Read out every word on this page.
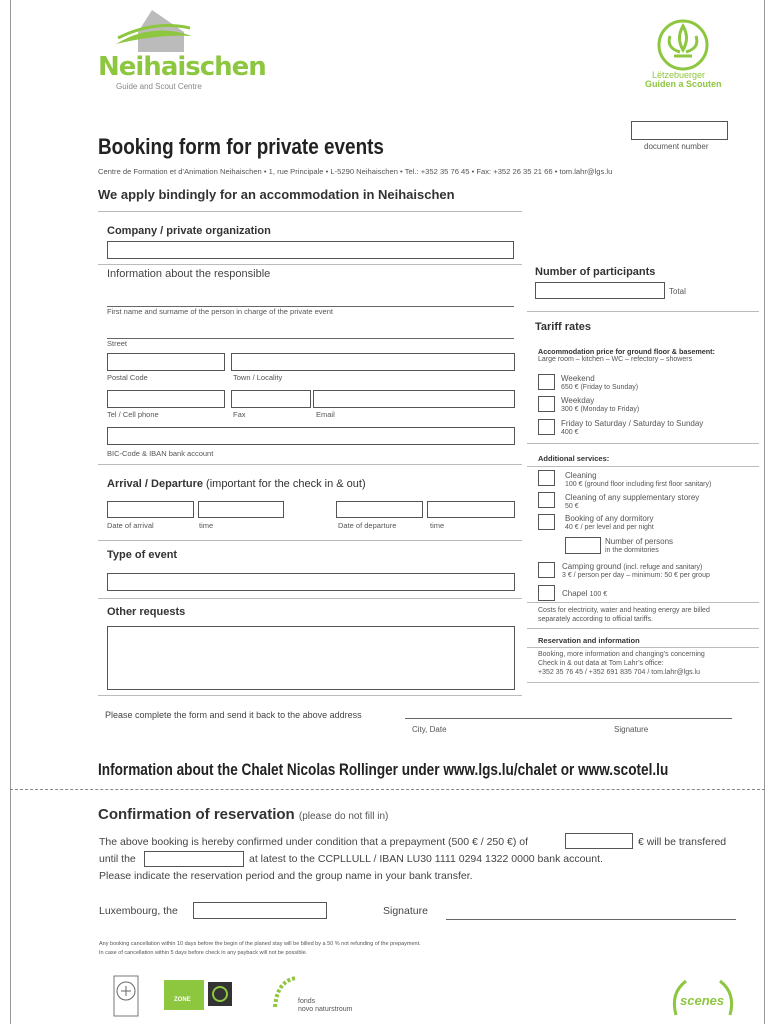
Neihaischen
Guide and Scout Centre
Lëtzebuerger
Guiden a Scouten
document number
Booking form for private events
Centre de Formation et d’Animation Neihaischen • 1, rue Principale • L-5290 Neihaischen • Tel.: +352 35 76 45 • Fax: +352 26 35 21 66 • tom.lahr@lgs.lu
We apply bindingly for an accommodation in Neihaischen
Company / private organization
Information about the responsible
First name and surname of the person in charge of the private event
Street
Postal Code	Town / Locality
Tel / Cell phone	Fax	Email
BIC-Code & IBAN bank account
Arrival / Departure (important for the check in & out)
Date of arrival	time	Date of departure	time
Type of event
Other requests
Number of participants
Total
Tariff rates
Accommodation price for ground floor & basement:
Large room – kitchen – WC – refectory – showers
Weekend
650 € (Friday to Sunday)
Weekday
300 € (Monday to Friday)
Friday to Saturday / Saturday to Sunday
400 €
Additional services:
Cleaning
100 € (ground floor including first floor sanitary)
Cleaning of any supplementary storey
50 €
Booking of any dormitory
40 € / per level and per night
Number of persons
in the dormitories
Camping ground (incl. refuge and sanitary)
3 € / person per day – minimum: 50 € per group
Chapel 100 €
Costs for electricity, water and heating energy are billed
separately according to official tariffs.
Reservation and information
Booking, more information and changing’s concerning
Check in & out data at Tom Lahr’s office:
+352 35 76 45 / +352 691 835 704 / tom.lahr@lgs.lu
Please complete the form and send it back to the above address
City, Date	Signature
Information about the Chalet Nicolas Rollinger under www.lgs.lu/chalet or www.scotel.lu
Confirmation of reservation (please do not fill in)
The above booking is hereby confirmed under condition that a prepayment (500 € / 250 €) of	€ will be transfered
until the	at latest to the CCPLLULL / IBAN LU30 1111 0294 1322 0000 bank account.
Please indicate the reservation period and the group name in your bank transfer.
Luxembourg, the	Signature
Any booking cancellation within 10 days before the begin of the planed stay will be billed by a 50 % not refunding of the prepayment.
In case of cancellation within 5 days before check in any payback will not be possible.
ZONE	fonds
novo naturstroum
scenes
